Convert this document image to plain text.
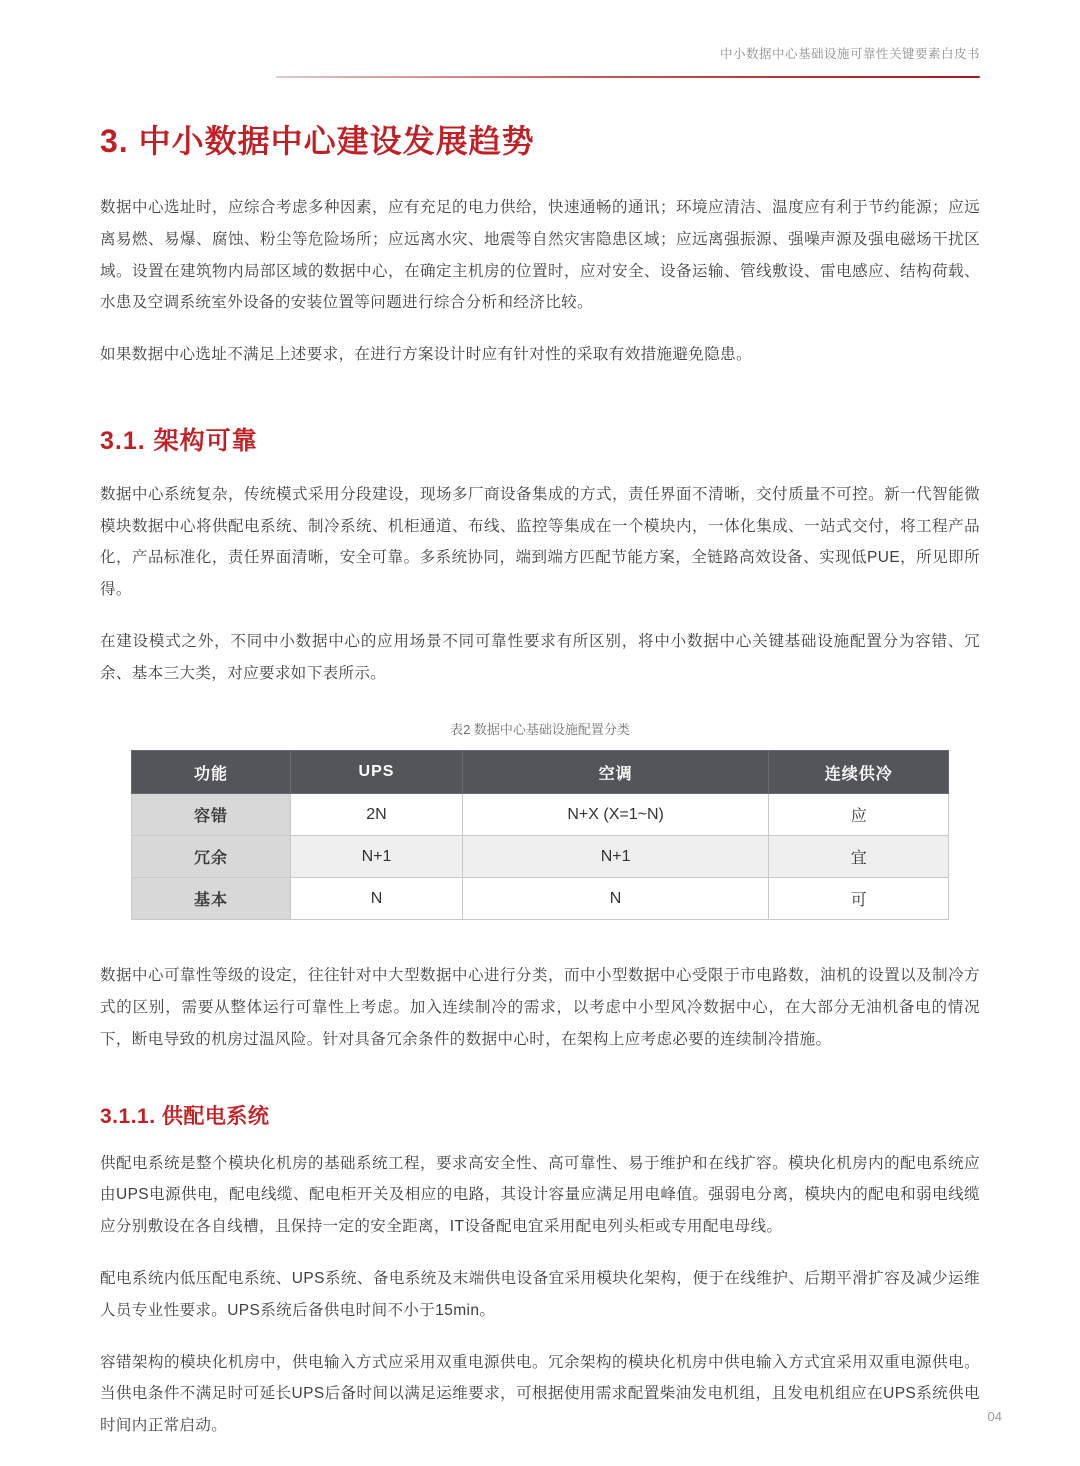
中小数据中心基础设施可靠性关键要素白皮书
3. 中小数据中心建设发展趋势

数据中心选址时，应综合考虑多种因素，应有充足的电力供给，快速通畅的通讯；环境应清洁、温度应有利于节约能源；应远离易燃、易爆、腐蚀、粉尘等危险场所；应远离水灾、地震等自然灾害隐患区域；应远离强振源、强噪声源及强电磁场干扰区域。设置在建筑物内局部区域的数据中心，在确定主机房的位置时，应对安全、设备运输、管线敷设、雷电感应、结构荷载、水患及空调系统室外设备的安装位置等问题进行综合分析和经济比较。

如果数据中心选址不满足上述要求，在进行方案设计时应有针对性的采取有效措施避免隐患。

3.1. 架构可靠

数据中心系统复杂，传统模式采用分段建设，现场多厂商设备集成的方式，责任界面不清晰，交付质量不可控。新一代智能微模块数据中心将供配电系统、制冷系统、机柜通道、布线、监控等集成在一个模块内，一体化集成、一站式交付，将工程产品化，产品标准化，责任界面清晰，安全可靠。多系统协同，端到端方匹配节能方案，全链路高效设备、实现低PUE，所见即所得。

在建设模式之外，不同中小数据中心的应用场景不同可靠性要求有所区别，将中小数据中心关键基础设施配置分为容错、冗余、基本三大类，对应要求如下表所示。

表2 数据中心基础设施配置分类
功能	UPS	空调	连续供冷
容错	2N	N+X (X=1~N)	应
冗余	N+1	N+1	宜
基本	N	N	可

数据中心可靠性等级的设定，往往针对中大型数据中心进行分类，而中小型数据中心受限于市电路数，油机的设置以及制冷方式的区别，需要从整体运行可靠性上考虑。加入连续制冷的需求，以考虑中小型风冷数据中心，在大部分无油机备电的情况下，断电导致的机房过温风险。针对具备冗余条件的数据中心时，在架构上应考虑必要的连续制冷措施。

3.1.1. 供配电系统

供配电系统是整个模块化机房的基础系统工程，要求高安全性、高可靠性、易于维护和在线扩容。模块化机房内的配电系统应由UPS电源供电，配电线缆、配电柜开关及相应的电路，其设计容量应满足用电峰值。强弱电分离，模块内的配电和弱电线缆应分别敷设在各自线槽，且保持一定的安全距离，IT设备配电宜采用配电列头柜或专用配电母线。

配电系统内低压配电系统、UPS系统、备电系统及末端供电设备宜采用模块化架构，便于在线维护、后期平滑扩容及减少运维人员专业性要求。UPS系统后备供电时间不小于15min。

容错架构的模块化机房中，供电输入方式应采用双重电源供电。冗余架构的模块化机房中供电输入方式宜采用双重电源供电。当供电条件不满足时可延长UPS后备时间以满足运维要求，可根据使用需求配置柴油发电机组，且发电机组应在UPS系统供电时间内正常启动。

04
